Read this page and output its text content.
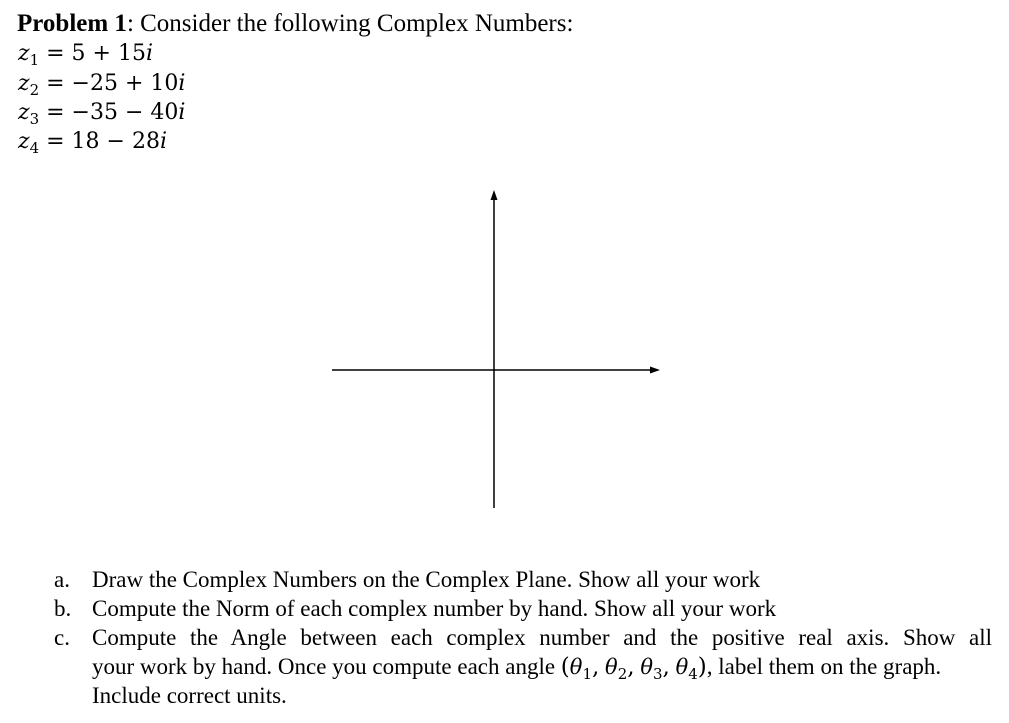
Problem 1: Consider the following Complex Numbers:
$z_1 = 5 + 15i$
$z_2 = -25 + 10i$
$z_3 = -35 - 40i$
$z_4 = 18 - 28i$
a. Draw the Complex Numbers on the Complex Plane. Show all your work
b. Compute the Norm of each complex number by hand. Show all your work
c. Compute the Angle between each complex number and the positive real axis. Show all
your work by hand. Once you compute each angle ($\theta_1$, $\theta_2$, $\theta_3$, $\theta_4$), label them on the graph.
Include correct units.
